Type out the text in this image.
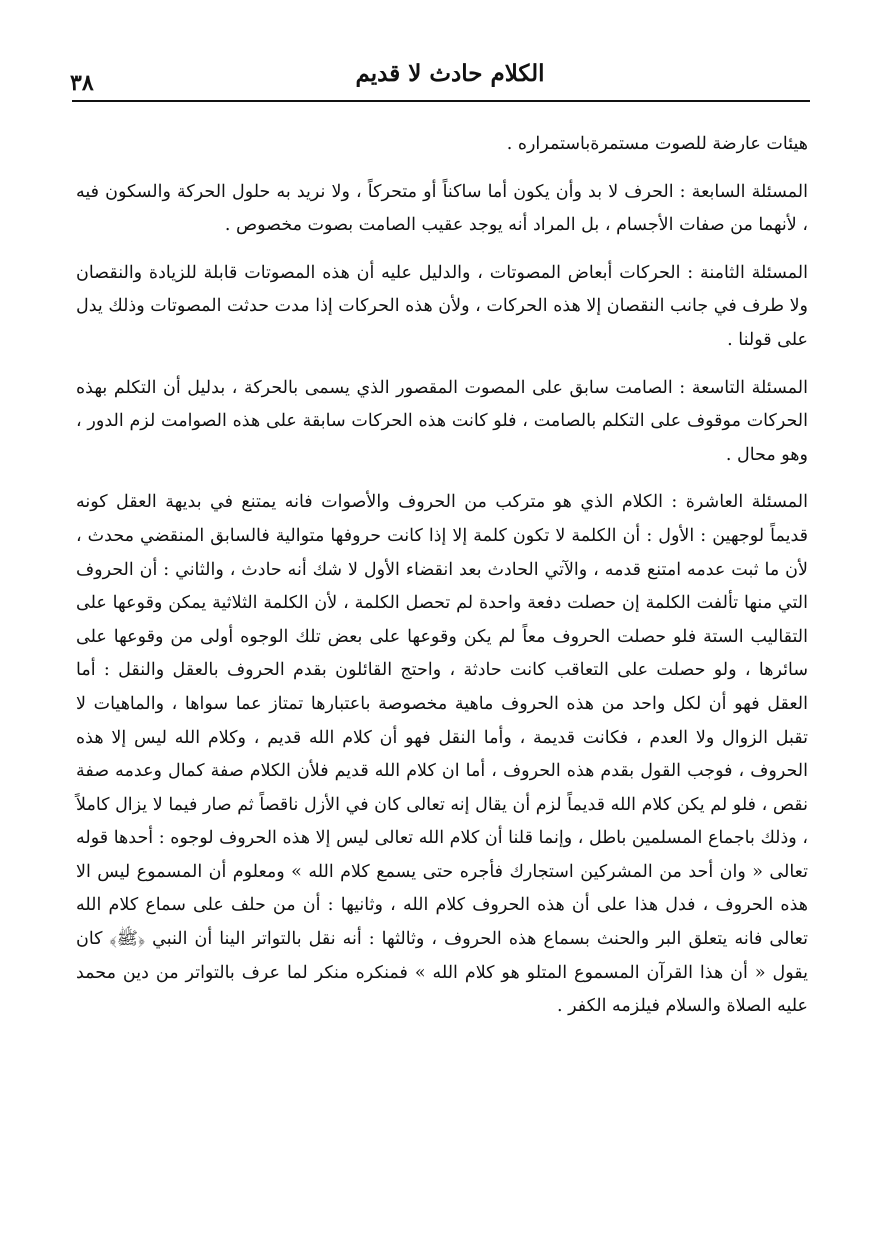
الكلام حادث لا قديم
٣٨

هيئات عارضة للصوت مستمرةباستمراره .

المسئلة السابعة : الحرف لا بد وأن يكون أما ساكناً أو متحركاً ، ولا نريد به حلول الحركة والسكون فيه ، لأنهما من صفات الأجسام ، بل المراد أنه يوجد عقيب الصامت بصوت مخصوص .

المسئلة الثامنة : الحركات أبعاض المصوتات ، والدليل عليه أن هذه المصوتات قابلة للزيادة والنقصان ولا طرف في جانب النقصان إلا هذه الحركات ، ولأن هذه الحركات إذا مدت حدثت المصوتات وذلك يدل على قولنا .

المسئلة التاسعة : الصامت سابق على المصوت المقصور الذي يسمى بالحركة ، بدليل أن التكلم بهذه الحركات موقوف على التكلم بالصامت ، فلو كانت هذه الحركات سابقة على هذه الصوامت لزم الدور ، وهو محال .

المسئلة العاشرة : الكلام الذي هو متركب من الحروف والأصوات فانه يمتنع في بديهة العقل كونه قديماً لوجهين : الأول : أن الكلمة لا تكون كلمة إلا إذا كانت حروفها متوالية فالسابق المنقضي محدث ، لأن ما ثبت عدمه امتنع قدمه ، والآتي الحادث بعد انقضاء الأول لا شك أنه حادث ، والثاني : أن الحروف التي منها تألفت الكلمة إن حصلت دفعة واحدة لم تحصل الكلمة ، لأن الكلمة الثلاثية يمكن وقوعها على التقاليب الستة فلو حصلت الحروف معاً لم يكن وقوعها على بعض تلك الوجوه أولى من وقوعها على سائرها ، ولو حصلت على التعاقب كانت حادثة ، واحتج القائلون بقدم الحروف بالعقل والنقل : أما العقل فهو أن لكل واحد من هذه الحروف ماهية مخصوصة باعتبارها تمتاز عما سواها ، والماهيات لا تقبل الزوال ولا العدم ، فكانت قديمة ، وأما النقل فهو أن كلام الله قديم ، وكلام الله ليس إلا هذه الحروف ، فوجب القول بقدم هذه الحروف ، أما ان كلام الله قديم فلأن الكلام صفة كمال وعدمه صفة نقص ، فلو لم يكن كلام الله قديماً لزم أن يقال إنه تعالى كان في الأزل ناقصاً ثم صار فيما لا يزال كاملاً ، وذلك باجماع المسلمين باطل ، وإنما قلنا أن كلام الله تعالى ليس إلا هذه الحروف لوجوه : أحدها قوله تعالى « وان أحد من المشركين استجارك فأجره حتى يسمع كلام الله » ومعلوم أن المسموع ليس الا هذه الحروف ، فدل هذا على أن هذه الحروف كلام الله ، وثانيها : أن من حلف على سماع كلام الله تعالى فانه يتعلق البر والحنث بسماع هذه الحروف ، وثالثها : أنه نقل بالتواتر الينا أن النبي ﴿ﷺ﴾ كان يقول « أن هذا القرآن المسموع المتلو هو كلام الله » فمنكره منكر لما عرف بالتواتر من دين محمد عليه الصلاة والسلام فيلزمه الكفر .
